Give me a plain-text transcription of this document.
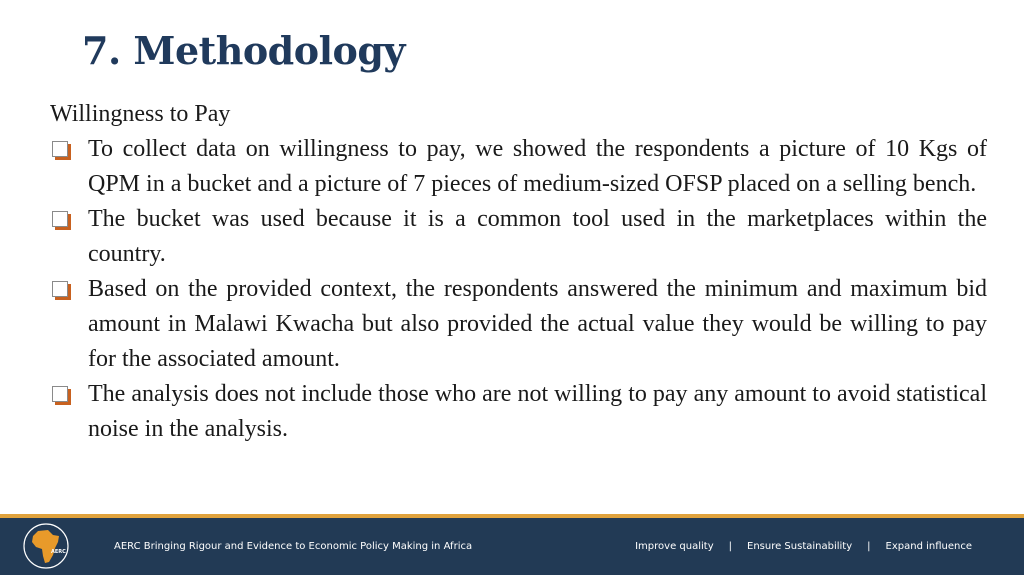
7. Methodology

Willingness to Pay

To collect data on willingness to pay, we showed the respondents a picture of 10 Kgs of QPM in a bucket and a picture of 7 pieces of medium-sized OFSP placed on a selling bench.
The bucket was used because it is a common tool used in the marketplaces within the country.
Based on the provided context, the respondents answered the minimum and maximum bid amount in Malawi Kwacha but also provided the actual value they would be willing to pay for the associated amount.
The analysis does not include those who are not willing to pay any amount to avoid statistical noise in the analysis.
AERC	AERC Bringing Rigour and Evidence to Economic Policy Making in Africa	Improve quality | Ensure Sustainability | Expand influence
